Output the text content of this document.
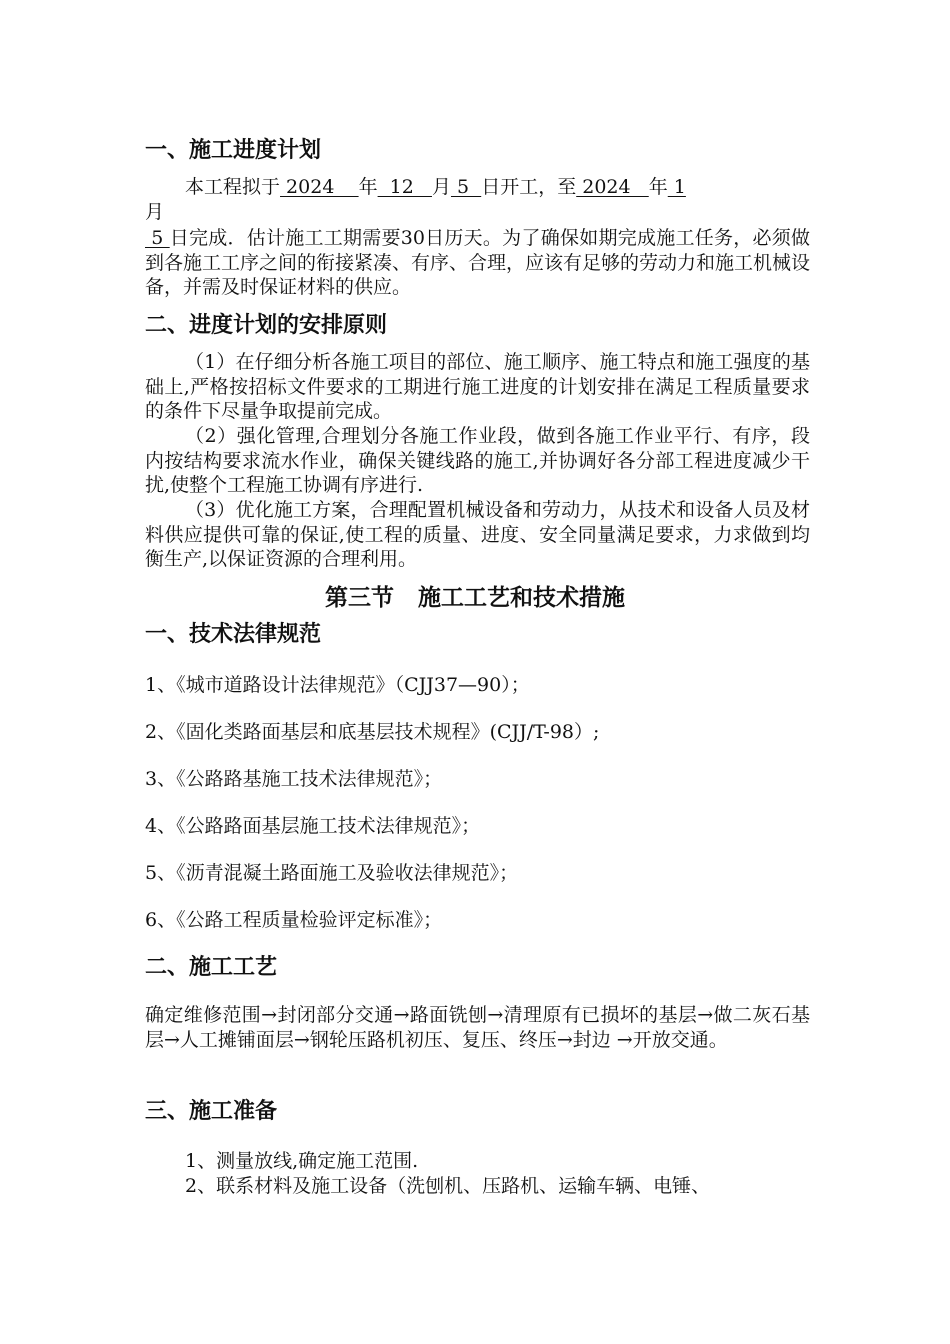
一、施工进度计划
本工程拟于 2024    年  12   月 5  日开工，至 2024   年 1
月
5 日完成．估计施工工期需要30日历天。为了确保如期完成施工任务，必须做到各施工工序之间的衔接紧凑、有序、合理，应该有足够的劳动力和施工机械设备，并需及时保证材料的供应。
二、进度计划的安排原则
（1）在仔细分析各施工项目的部位、施工顺序、施工特点和施工强度的基础上,严格按招标文件要求的工期进行施工进度的计划安排在满足工程质量要求的条件下尽量争取提前完成。
（2）强化管理,合理划分各施工作业段，做到各施工作业平行、有序，段内按结构要求流水作业，确保关键线路的施工,并协调好各分部工程进度减少干扰,使整个工程施工协调有序进行.
（3）优化施工方案，合理配置机械设备和劳动力，从技术和设备人员及材料供应提供可靠的保证,使工程的质量、进度、安全同量满足要求，力求做到均衡生产,以保证资源的合理利用。
第三节   施工工艺和技术措施
一、技术法律规范
1、《城市道路设计法律规范》（CJJ37—90）；
2、《固化类路面基层和底基层技术规程》(CJJ/T-98）;
3、《公路路基施工技术法律规范》；
4、《公路路面基层施工技术法律规范》；
5、《沥青混凝土路面施工及验收法律规范》；
6、《公路工程质量检验评定标准》；
二、施工工艺
确定维修范围→封闭部分交通→路面铣刨→清理原有已损坏的基层→做二灰石基层→人工摊铺面层→钢轮压路机初压、复压、终压→封边 →开放交通。
三、施工准备
1、测量放线,确定施工范围.
2、联系材料及施工设备（洗刨机、压路机、运输车辆、电锤、
